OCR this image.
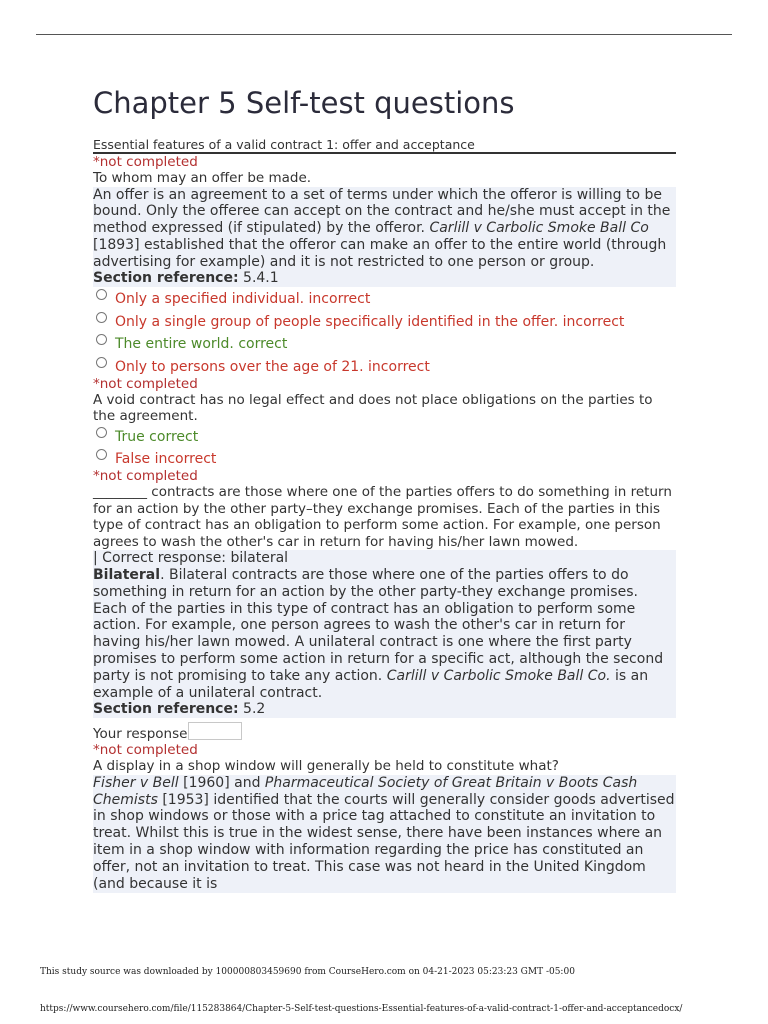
Chapter 5 Self-test questions
Essential features of a valid contract 1: offer and acceptance
*not completed
To whom may an offer be made.
An offer is an agreement to a set of terms under which the offeror is willing to be bound. Only the offeree can accept on the contract and he/she must accept in the method expressed (if stipulated) by the offeror. Carlill v Carbolic Smoke Ball Co [1893] established that the offeror can make an offer to the entire world (through advertising for example) and it is not restricted to one person or group.
Section reference: 5.4.1
Only a specified individual. incorrect
Only a single group of people specifically identified in the offer. incorrect
The entire world. correct
Only to persons over the age of 21. incorrect
*not completed
A void contract has no legal effect and does not place obligations on the parties to the agreement.
True correct
False incorrect
*not completed
________ contracts are those where one of the parties offers to do something in return for an action by the other party–they exchange promises. Each of the parties in this type of contract has an obligation to perform some action. For example, one person agrees to wash the other's car in return for having his/her lawn mowed.
| Correct response: bilateral
Bilateral. Bilateral contracts are those where one of the parties offers to do something in return for an action by the other party-they exchange promises. Each of the parties in this type of contract has an obligation to perform some action. For example, one person agrees to wash the other's car in return for having his/her lawn mowed. A unilateral contract is one where the first party promises to perform some action in return for a specific act, although the second party is not promising to take any action. Carlill v Carbolic Smoke Ball Co. is an example of a unilateral contract.
Section reference: 5.2
Your response
*not completed
A display in a shop window will generally be held to constitute what?
Fisher v Bell [1960] and Pharmaceutical Society of Great Britain v Boots Cash Chemists [1953] identified that the courts will generally consider goods advertised in shop windows or those with a price tag attached to constitute an invitation to treat. Whilst this is true in the widest sense, there have been instances where an item in a shop window with information regarding the price has constituted an offer, not an invitation to treat. This case was not heard in the United Kingdom (and because it is
This study source was downloaded by 100000803459690 from CourseHero.com on 04-21-2023 05:23:23 GMT -05:00
https://www.coursehero.com/file/115283864/Chapter-5-Self-test-questions-Essential-features-of-a-valid-contract-1-offer-and-acceptancedocx/
